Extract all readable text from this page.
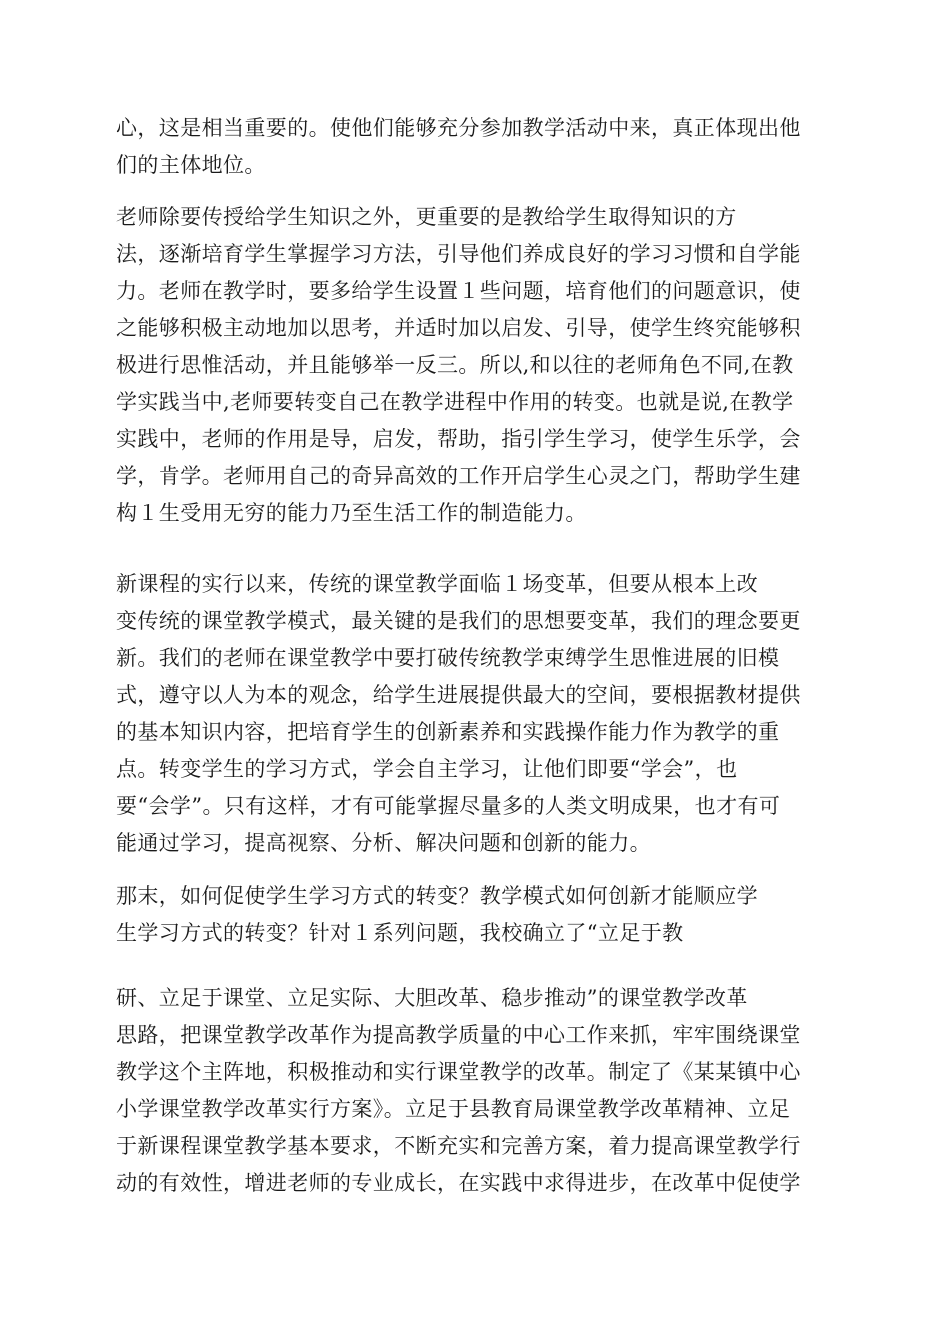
心，这是相当重要的。使他们能够充分参加教学活动中来，真正体现出他
们的主体地位。

老师除要传授给学生知识之外，更重要的是教给学生取得知识的方
法，逐渐培育学生掌握学习方法，引导他们养成良好的学习习惯和自学能
力。老师在教学时，要多给学生设置１些问题，培育他们的问题意识，使
之能够积极主动地加以思考，并适时加以启发、引导，使学生终究能够积
极进行思惟活动，并且能够举一反三。所以,和以往的老师角色不同,在教
学实践当中,老师要转变自己在教学进程中作用的转变。也就是说,在教学
实践中，老师的作用是导，启发，帮助，指引学生学习，使学生乐学，会
学，肯学。老师用自己的奇异高效的工作开启学生心灵之门，帮助学生建
构１生受用无穷的能力乃至生活工作的制造能力。

新课程的实行以来，传统的课堂教学面临１场变革，但要从根本上改
变传统的课堂教学模式，最关键的是我们的思想要变革，我们的理念要更
新。我们的老师在课堂教学中要打破传统教学束缚学生思惟进展的旧模
式，遵守以人为本的观念，给学生进展提供最大的空间，要根据教材提供
的基本知识内容，把培育学生的创新素养和实践操作能力作为教学的重
点。转变学生的学习方式，学会自主学习，让他们即要“学会”，也
要“会学”。只有这样，才有可能掌握尽量多的人类文明成果，也才有可
能通过学习，提高视察、分析、解决问题和创新的能力。

那末，如何促使学生学习方式的转变？教学模式如何创新才能顺应学
生学习方式的转变？针对１系列问题，我校确立了“立足于教

研、立足于课堂、立足实际、大胆改革、稳步推动”的课堂教学改革
思路，把课堂教学改革作为提高教学质量的中心工作来抓，牢牢围绕课堂
教学这个主阵地，积极推动和实行课堂教学的改革。制定了《某某镇中心
小学课堂教学改革实行方案》。立足于县教育局课堂教学改革精神、立足
于新课程课堂教学基本要求，不断充实和完善方案，着力提高课堂教学行
动的有效性，增进老师的专业成长，在实践中求得进步，在改革中促使学
